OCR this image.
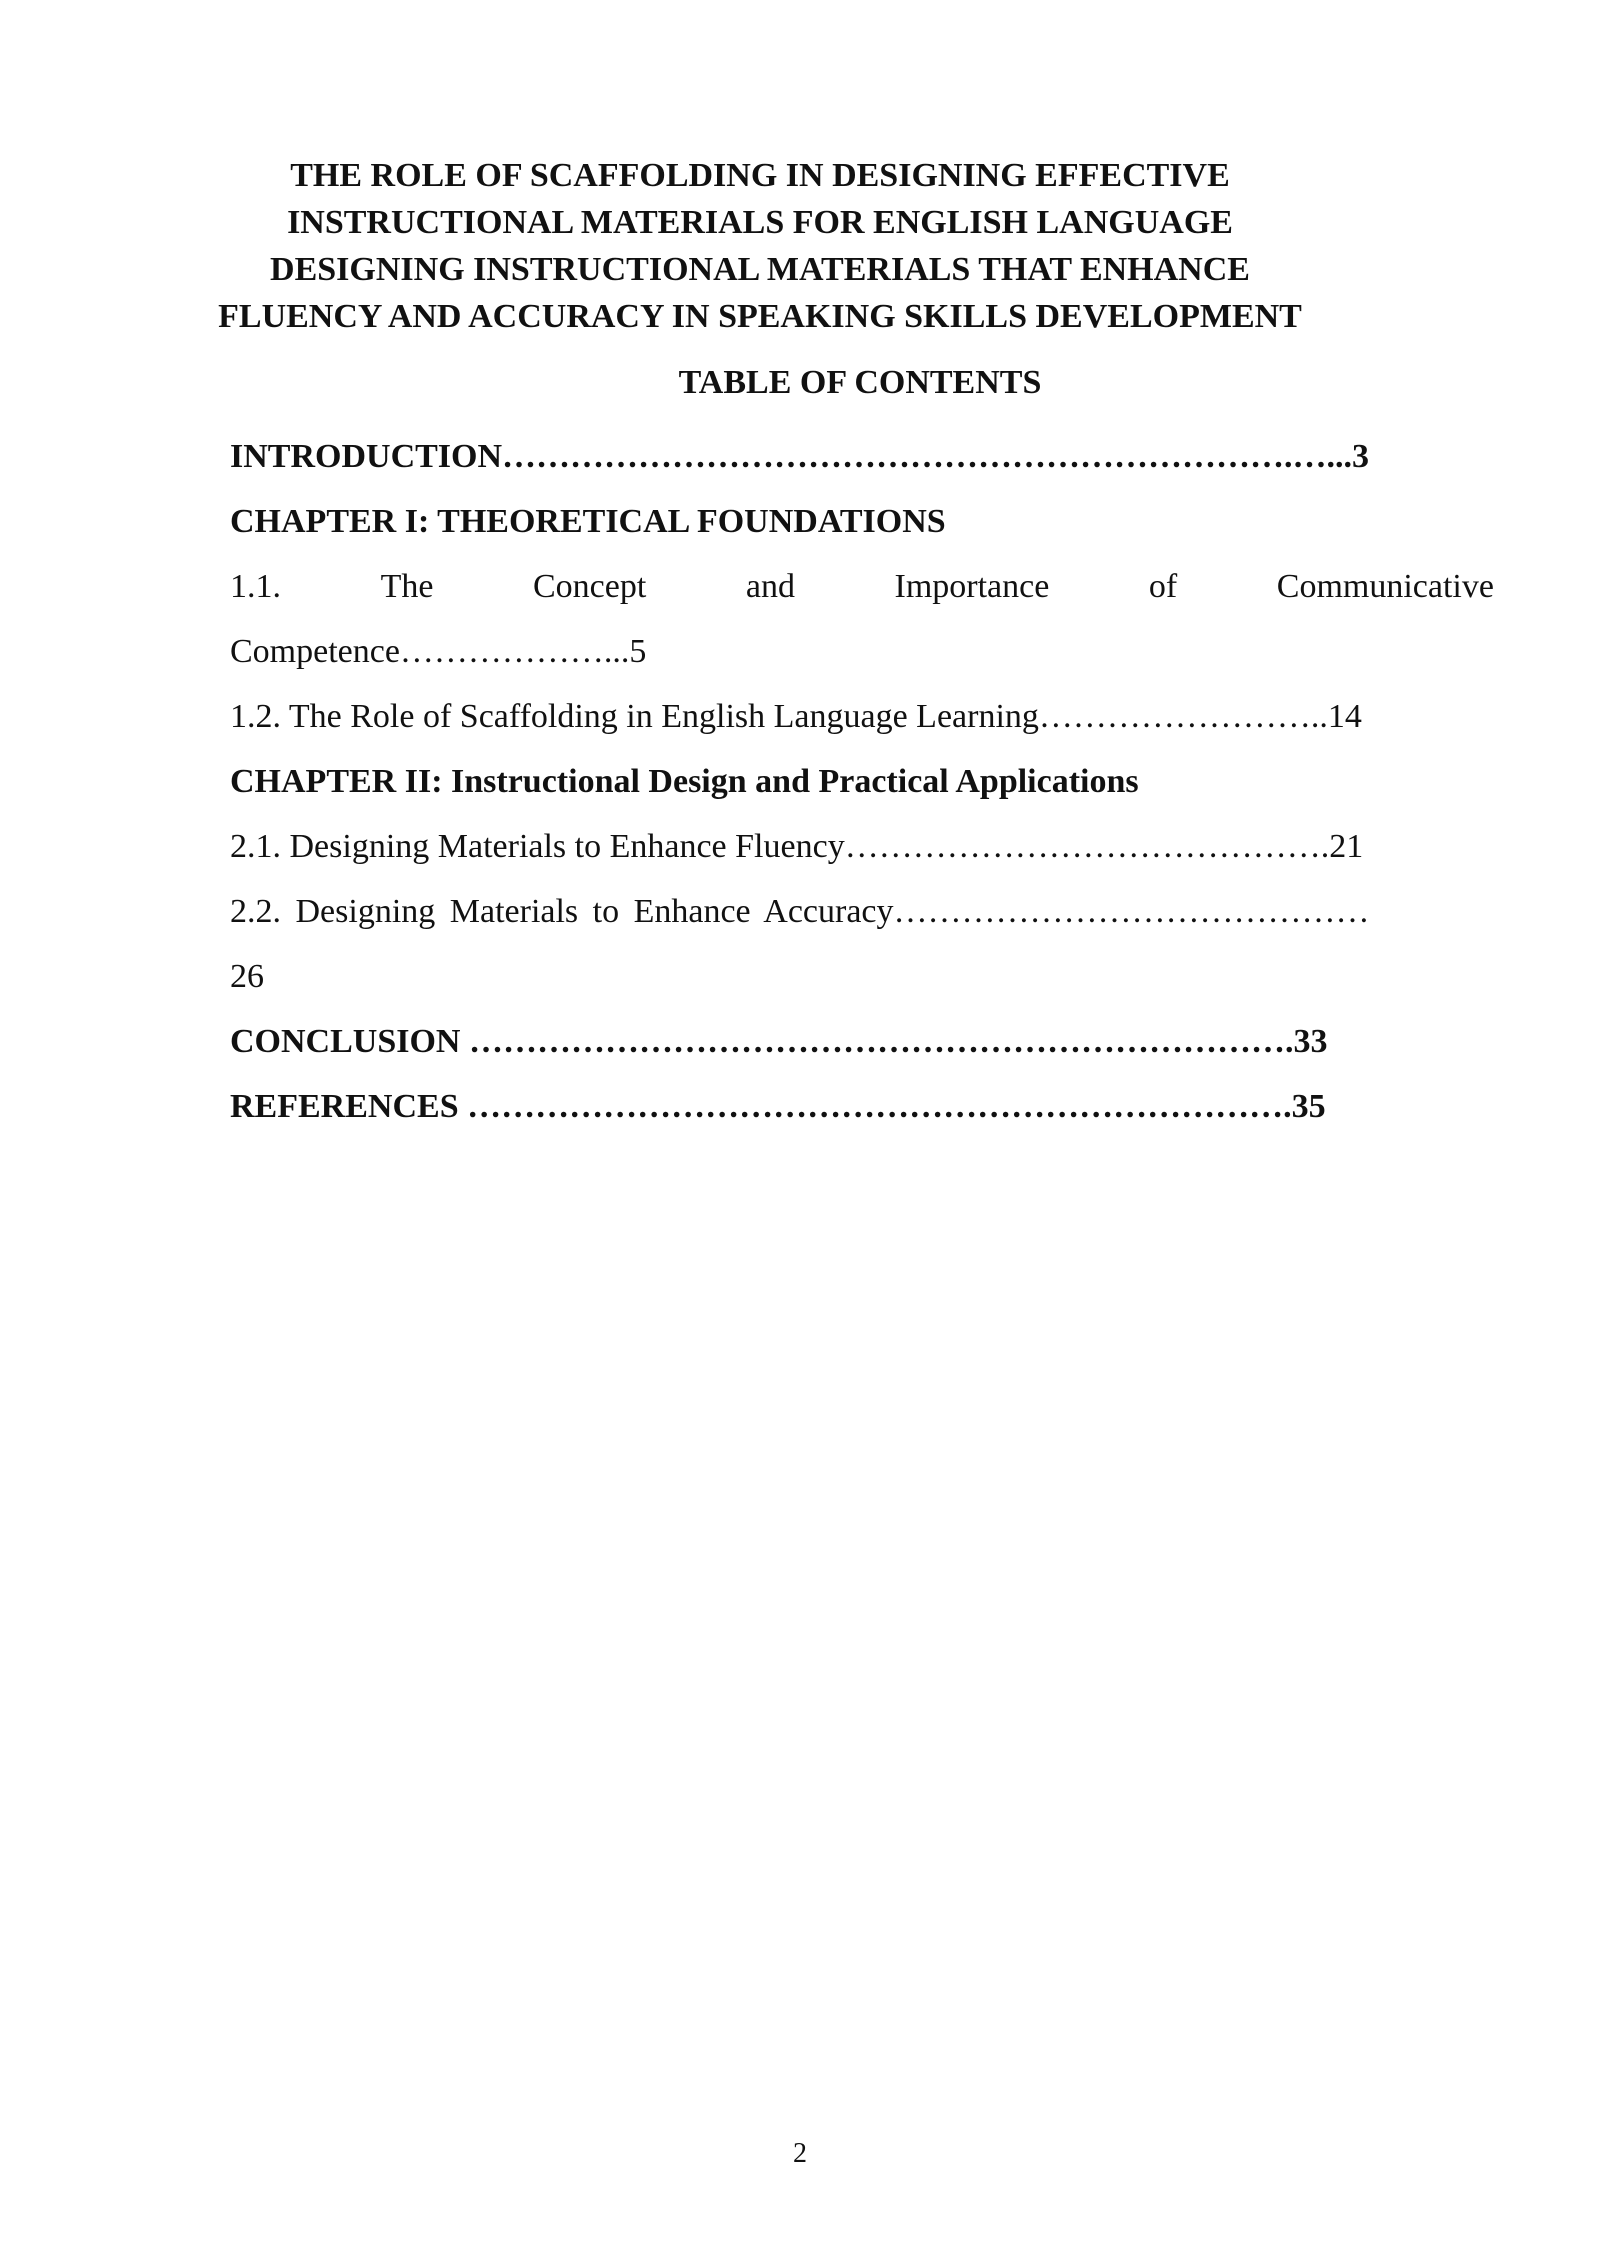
THE ROLE OF SCAFFOLDING IN DESIGNING EFFECTIVE
INSTRUCTIONAL MATERIALS FOR ENGLISH LANGUAGE
DESIGNING INSTRUCTIONAL MATERIALS THAT ENHANCE
FLUENCY AND ACCURACY IN SPEAKING SKILLS DEVELOPMENT
TABLE OF CONTENTS
INTRODUCTION…………………………………………………………….…...3
CHAPTER I: THEORETICAL FOUNDATIONS
1.1.	The	Concept	and	Importance	of	Communicative
Competence………………...5
1.2. The Role of Scaffolding in English Language Learning……………………..14
CHAPTER II: Instructional Design and Practical Applications
2.1. Designing Materials to Enhance Fluency…………………………………….21
2.2. Designing Materials to Enhance Accuracy……………………………………
26
CONCLUSION ……………………………………………………………….33
REFERENCES ……………………………………………………………….35
2
